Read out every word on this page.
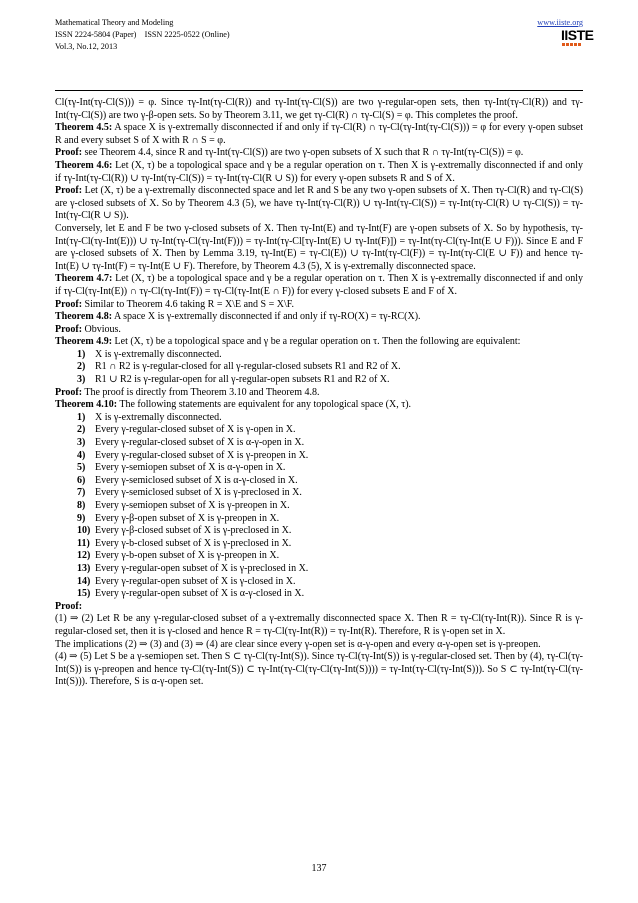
Mathematical Theory and Modeling
ISSN 2224-5804 (Paper)    ISSN 2225-0522 (Online)
Vol.3, No.12, 2013
www.iiste.org
IISTE

Cl(τγ-Int(τγ-Cl(S))) = φ. Since τγ-Int(τγ-Cl(R)) and τγ-Int(τγ-Cl(S)) are two γ-regular-open sets, then τγ-Int(τγ-Cl(R)) and τγ-Int(τγ-Cl(S)) are two γ-β-open sets. So by Theorem 3.11, we get τγ-Cl(R) ∩ τγ-Cl(S) = φ. This completes the proof.

Theorem 4.5: A space X is γ-extremally disconnected if and only if τγ-Cl(R) ∩ τγ-Cl(τγ-Int(τγ-Cl(S))) = φ for every γ-open subset R and every subset S of X with R ∩ S = φ.

Proof: see Theorem 4.4, since R and τγ-Int(τγ-Cl(S)) are two γ-open subsets of X such that R ∩ τγ-Int(τγ-Cl(S)) = φ.

Theorem 4.6: Let (X, τ) be a topological space and γ be a regular operation on τ. Then X is γ-extremally disconnected if and only if τγ-Int(τγ-Cl(R)) ∪ τγ-Int(τγ-Cl(S)) = τγ-Int(τγ-Cl(R ∪ S)) for every γ-open subsets R and S of X.

Proof: Let (X, τ) be a γ-extremally disconnected space and let R and S be any two γ-open subsets of X. Then τγ-Cl(R) and τγ-Cl(S) are γ-closed subsets of X. So by Theorem 4.3 (5), we have τγ-Int(τγ-Cl(R)) ∪ τγ-Int(τγ-Cl(S)) = τγ-Int(τγ-Cl(R) ∪ τγ-Cl(S)) = τγ-Int(τγ-Cl(R ∪ S)).

Conversely, let E and F be two γ-closed subsets of X. Then τγ-Int(E) and τγ-Int(F) are γ-open subsets of X. So by hypothesis, τγ-Int(τγ-Cl(τγ-Int(E))) ∪ τγ-Int(τγ-Cl(τγ-Int(F))) = τγ-Int(τγ-Cl[τγ-Int(E) ∪ τγ-Int(F)]) = τγ-Int(τγ-Cl(τγ-Int(E ∪ F))). Since E and F are γ-closed subsets of X. Then by Lemma 3.19, τγ-Int(E) = τγ-Cl(E)) ∪ τγ-Int(τγ-Cl(F)) = τγ-Int(τγ-Cl(E ∪ F)) and hence τγ-Int(E) ∪ τγ-Int(F) = τγ-Int(E ∪ F). Therefore, by Theorem 4.3 (5), X is γ-extremally disconnected space.

Theorem 4.7: Let (X, τ) be a topological space and γ be a regular operation on τ. Then X is γ-extremally disconnected if and only if τγ-Cl(τγ-Int(E)) ∩ τγ-Cl(τγ-Int(F)) = τγ-Cl(τγ-Int(E ∩ F)) for every γ-closed subsets E and F of X.

Proof: Similar to Theorem 4.6 taking R = X\E and S = X\F.

Theorem 4.8: A space X is γ-extremally disconnected if and only if τγ-RO(X) = τγ-RC(X).

Proof: Obvious.

Theorem 4.9: Let (X, τ) be a topological space and γ be a regular operation on τ. Then the following are equivalent:

1) X is γ-extremally disconnected.
2) R1 ∩ R2 is γ-regular-closed for all γ-regular-closed subsets R1 and R2 of X.
3) R1 ∪ R2 is γ-regular-open for all γ-regular-open subsets R1 and R2 of X.

Proof: The proof is directly from Theorem 3.10 and Theorem 4.8.

Theorem 4.10: The following statements are equivalent for any topological space (X, τ).

1) X is γ-extremally disconnected.
2) Every γ-regular-closed subset of X is γ-open in X.
3) Every γ-regular-closed subset of X is α-γ-open in X.
4) Every γ-regular-closed subset of X is γ-preopen in X.
5) Every γ-semiopen subset of X is α-γ-open in X.
6) Every γ-semiclosed subset of X is α-γ-closed in X.
7) Every γ-semiclosed subset of X is γ-preclosed in X.
8) Every γ-semiopen subset of X is γ-preopen in X.
9) Every γ-β-open subset of X is γ-preopen in X.
10) Every γ-β-closed subset of X is γ-preclosed in X.
11) Every γ-b-closed subset of X is γ-preclosed in X.
12) Every γ-b-open subset of X is γ-preopen in X.
13) Every γ-regular-open subset of X is γ-preclosed in X.
14) Every γ-regular-open subset of X is γ-closed in X.
15) Every γ-regular-open subset of X is α-γ-closed in X.

Proof:

(1) ⇒ (2) Let R be any γ-regular-closed subset of a γ-extremally disconnected space X. Then R = τγ-Cl(τγ-Int(R)). Since R is γ-regular-closed set, then it is γ-closed and hence R = τγ-Cl(τγ-Int(R)) = τγ-Int(R). Therefore, R is γ-open set in X.

The implications (2) ⇒ (3) and (3) ⇒ (4) are clear since every γ-open set is α-γ-open and every α-γ-open set is γ-preopen.

(4) ⇒ (5) Let S be a γ-semiopen set. Then S ⊂ τγ-Cl(τγ-Int(S)). Since τγ-Cl(τγ-Int(S)) is γ-regular-closed set. Then by (4), τγ-Cl(τγ-Int(S)) is γ-preopen and hence τγ-Cl(τγ-Int(S)) ⊂ τγ-Int(τγ-Cl(τγ-Cl(τγ-Int(S)))) = τγ-Int(τγ-Cl(τγ-Int(S))). So S ⊂ τγ-Int(τγ-Cl(τγ-Int(S))). Therefore, S is α-γ-open set.

137
